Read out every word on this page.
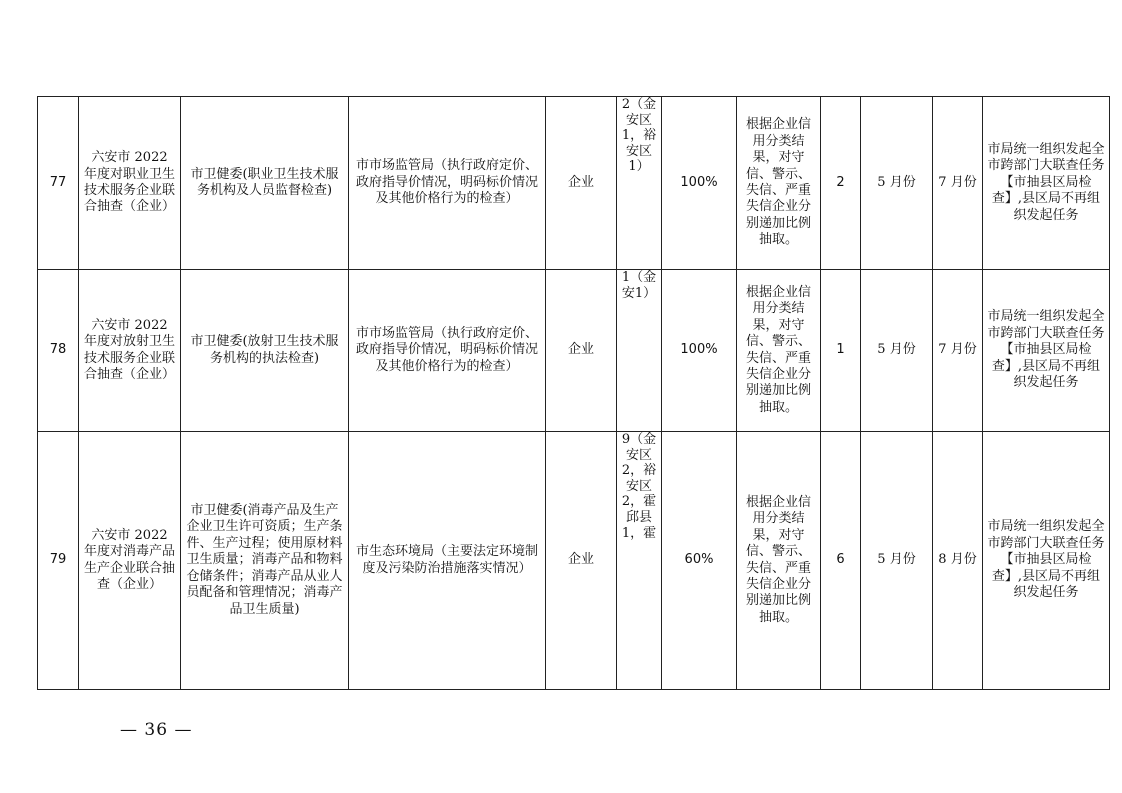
77	六安市 2022 年度对职业卫生技术服务企业联合抽查（企业）	市卫健委(职业卫生技术服务机构及人员监督检查)	市市场监管局（执行政府定价、政府指导价情况，明码标价情况及其他价格行为的检查）	企业	2（金安区1，裕安区1）	100%	根据企业信用分类结果，对守信、警示、失信、严重失信企业分别递加比例抽取。	2	5 月份	7 月份	市局统一组织发起全市跨部门大联查任务【市抽县区局检查】,县区局不再组织发起任务
78	六安市 2022 年度对放射卫生技术服务企业联合抽查（企业）	市卫健委(放射卫生技术服务机构的执法检查)	市市场监管局（执行政府定价、政府指导价情况，明码标价情况及其他价格行为的检查）	企业	1（金安1）	100%	根据企业信用分类结果，对守信、警示、失信、严重失信企业分别递加比例抽取。	1	5 月份	7 月份	市局统一组织发起全市跨部门大联查任务【市抽县区局检查】,县区局不再组织发起任务
79	六安市 2022 年度对消毒产品生产企业联合抽查（企业）	市卫健委(消毒产品及生产企业卫生许可资质；生产条件、生产过程；使用原材料卫生质量；消毒产品和物料仓储条件；消毒产品从业人员配备和管理情况；消毒产品卫生质量)	市生态环境局（主要法定环境制度及污染防治措施落实情况）	企业	9（金安区2，裕安区2，霍邱县1，霍	60%	根据企业信用分类结果，对守信、警示、失信、严重失信企业分别递加比例抽取。	6	5 月份	8 月份	市局统一组织发起全市跨部门大联查任务【市抽县区局检查】,县区局不再组织发起任务
— 36 —
